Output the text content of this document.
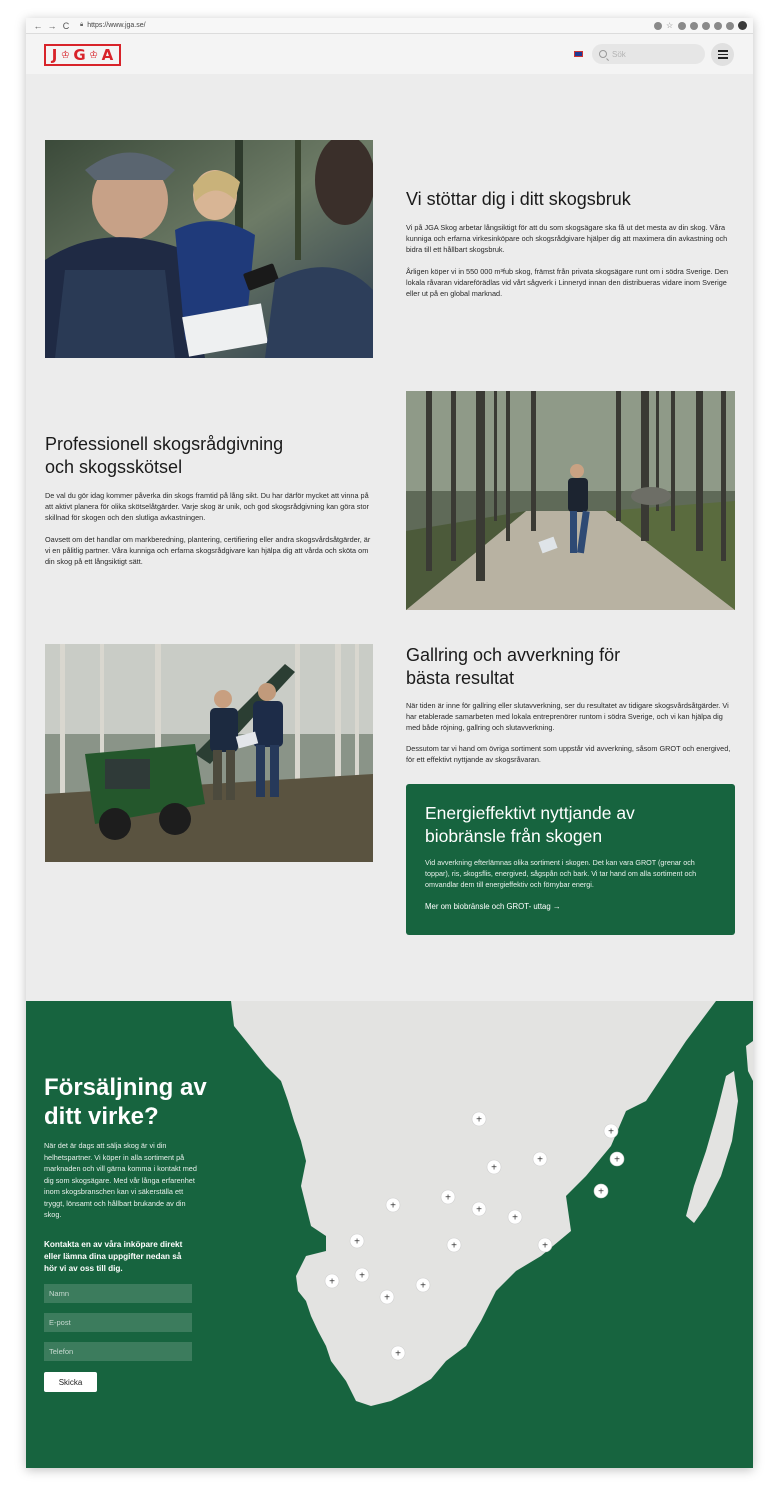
← → C	🔒︎ https://www.jga.se/	☆
J ♔ G ♔ A
Sök
Vi stöttar dig i ditt skogsbruk

Vi på JGA Skog arbetar långsiktigt för att du som skogsägare ska få ut det mesta av din skog. Våra kunniga och erfarna virkesinköpare och skogsrådgivare hjälper dig att maximera din avkastning och bidra till ett hållbart skogsbruk.

Årligen köper vi in 550 000 m³fub skog, främst från privata skogsägare runt om i södra Sverige. Den lokala råvaran vidareförädlas vid vårt sågverk i Linneryd innan den distribueras vidare inom Sverige eller ut på en global marknad.

Professionell skogsrådgivning och skogsskötsel

De val du gör idag kommer påverka din skogs framtid på lång sikt. Du har därför mycket att vinna på att aktivt planera för olika skötselåtgärder. Varje skog är unik, och god skogsrådgivning kan göra stor skillnad för skogen och den slutliga avkastningen.

Oavsett om det handlar om markberedning, plantering, certifiering eller andra skogsvårdsåtgärder, är vi en pålitlig partner. Våra kunniga och erfarna skogsrådgivare kan hjälpa dig att vårda och sköta om din skog på ett långsiktigt sätt.

Gallring och avverkning för bästa resultat

När tiden är inne för gallring eller slutavverkning, ser du resultatet av tidigare skogsvårdsåtgärder. Vi har etablerade samarbeten med lokala entreprenörer runtom i södra Sverige, och vi kan hjälpa dig med både röjning, gallring och slutavverkning.

Dessutom tar vi hand om övriga sortiment som uppstår vid avverkning, såsom GROT och energived, för ett effektivt nyttjande av skogsråvaran.

Energieffektivt nyttjande av biobränsle från skogen
Vid avverkning efterlämnas olika sortiment i skogen. Det kan vara GROT (grenar och toppar), ris, skogsflis, energived, sågspån och bark. Vi tar hand om alla sortiment och omvandlar dem till energieffektiv och förnybar energi.
Mer om biobränsle och GROT- uttag →
+
+
+
+	+
+
+
+
+
+
+	+	+
+
+
+
+
+
Försäljning av ditt virke?

När det är dags att sälja skog är vi din helhetspartner. Vi köper in alla sortiment på marknaden och vill gärna komma i kontakt med dig som skogsägare. Med vår långa erfarenhet inom skogsbranschen kan vi säkerställa ett tryggt, lönsamt och hållbart brukande av din skog.

Kontakta en av våra inköpare direkt eller lämna dina uppgifter nedan så hör vi av oss till dig.

Namn
E-post
Telefon
Skicka
